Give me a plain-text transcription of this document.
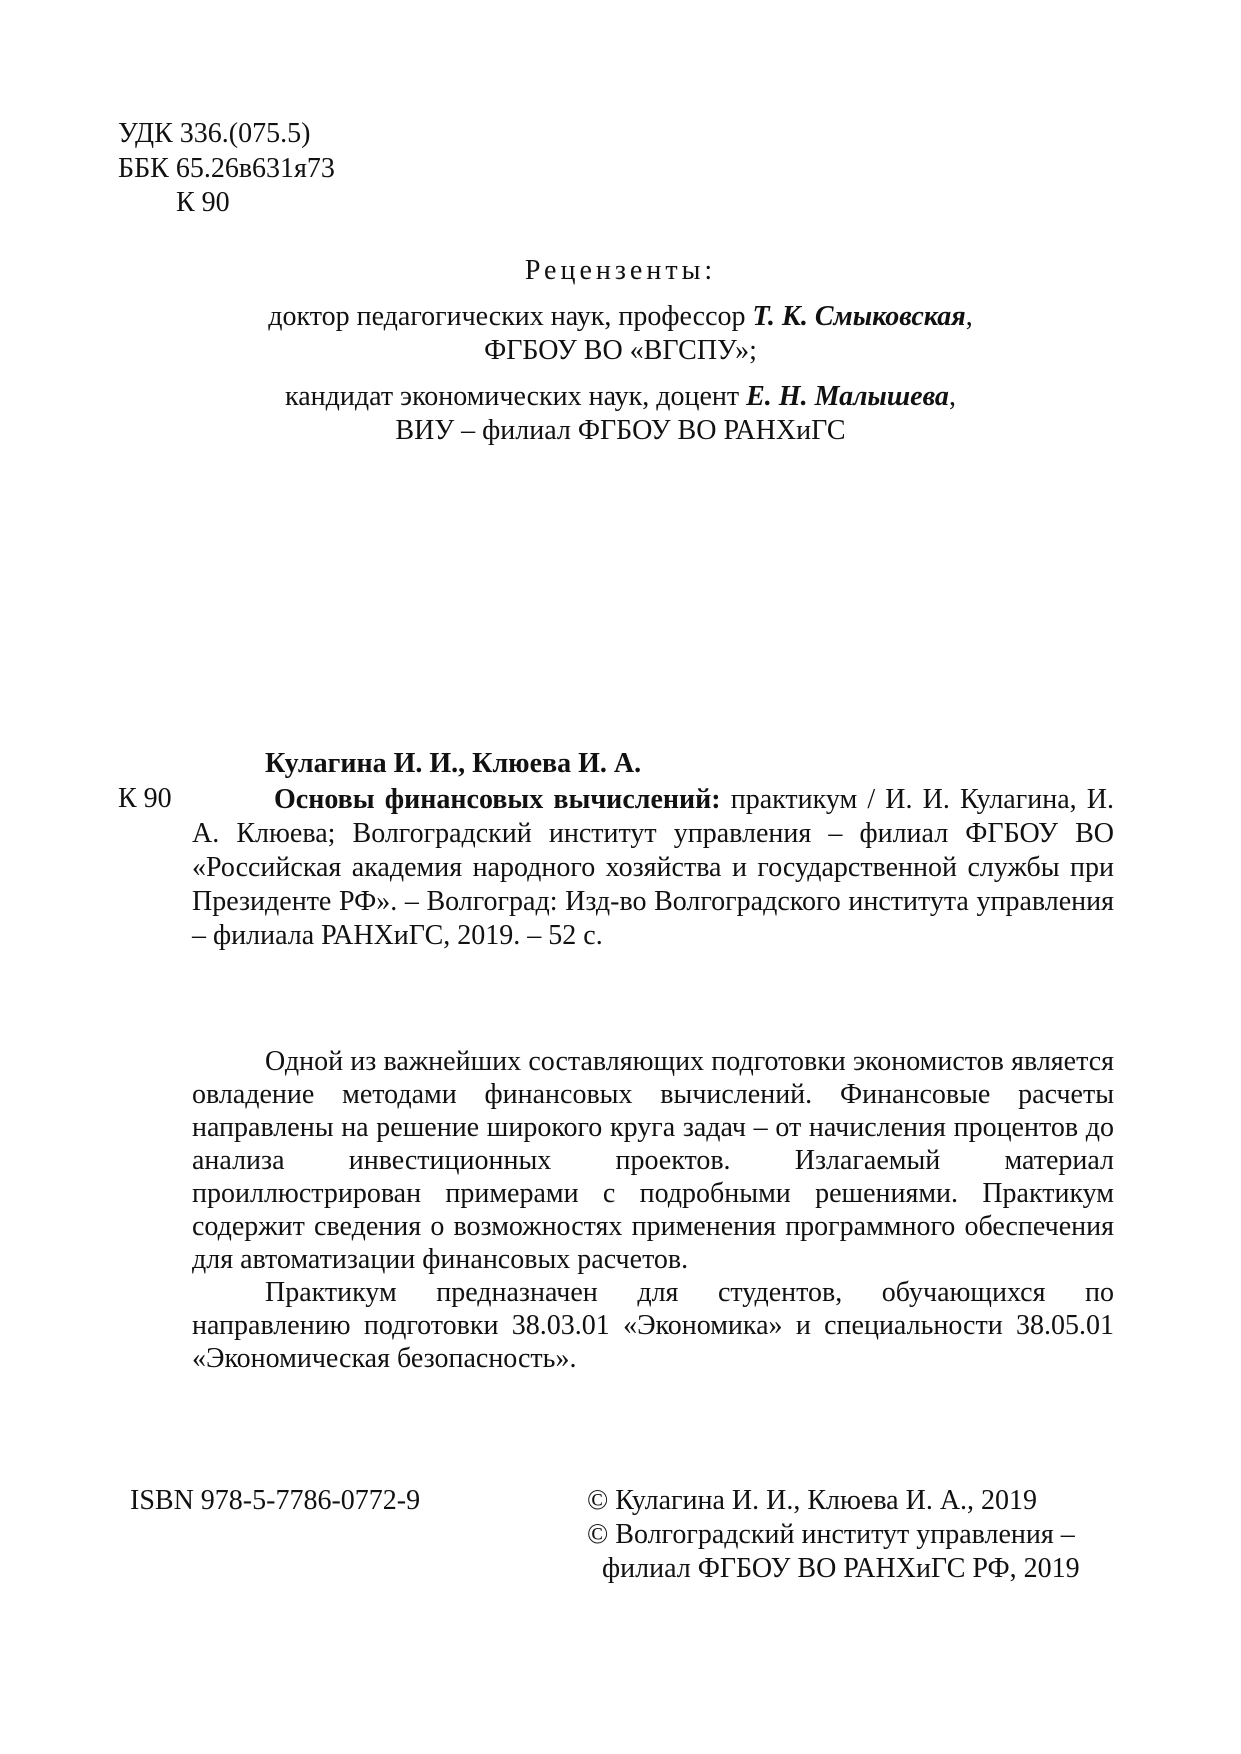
УДК 336.(075.5)
ББК 65.26в631я73
К 90
Рецензенты:
доктор педагогических наук, профессор Т. К. Смыковская,
ФГБОУ ВО «ВГСПУ»;
кандидат экономических наук, доцент Е. Н. Малышева,
ВИУ – филиал ФГБОУ ВО РАНХиГС
Кулагина И. И., Клюева И. А.
К 90	Основы финансовых вычислений: практикум / И. И. Кулагина, И. А. Клюева; Волгоградский институт управления – филиал ФГБОУ ВО «Российская академия народного хозяйства и государственной службы при Президенте РФ». – Волгоград: Изд-во Волгоградского института управления – филиала РАНХиГС, 2019. – 52 с.

Одной из важнейших составляющих подготовки экономистов является овладение методами финансовых вычислений. Финансовые расчеты направлены на решение широкого круга задач – от начисления процентов до анализа инвестиционных проектов. Излагаемый материал проиллюстрирован примерами с подробными решениями. Практикум содержит сведения о возможностях применения программного обеспечения для автоматизации финансовых расчетов.

Практикум предназначен для студентов, обучающихся по направлению подготовки 38.03.01 «Экономика» и специальности 38.05.01 «Экономическая безопасность».

ISBN 978-5-7786-0772-9	© Кулагина И. И., Клюева И. А., 2019
© Волгоградский институт управления –
филиал ФГБОУ ВО РАНХиГС РФ, 2019
